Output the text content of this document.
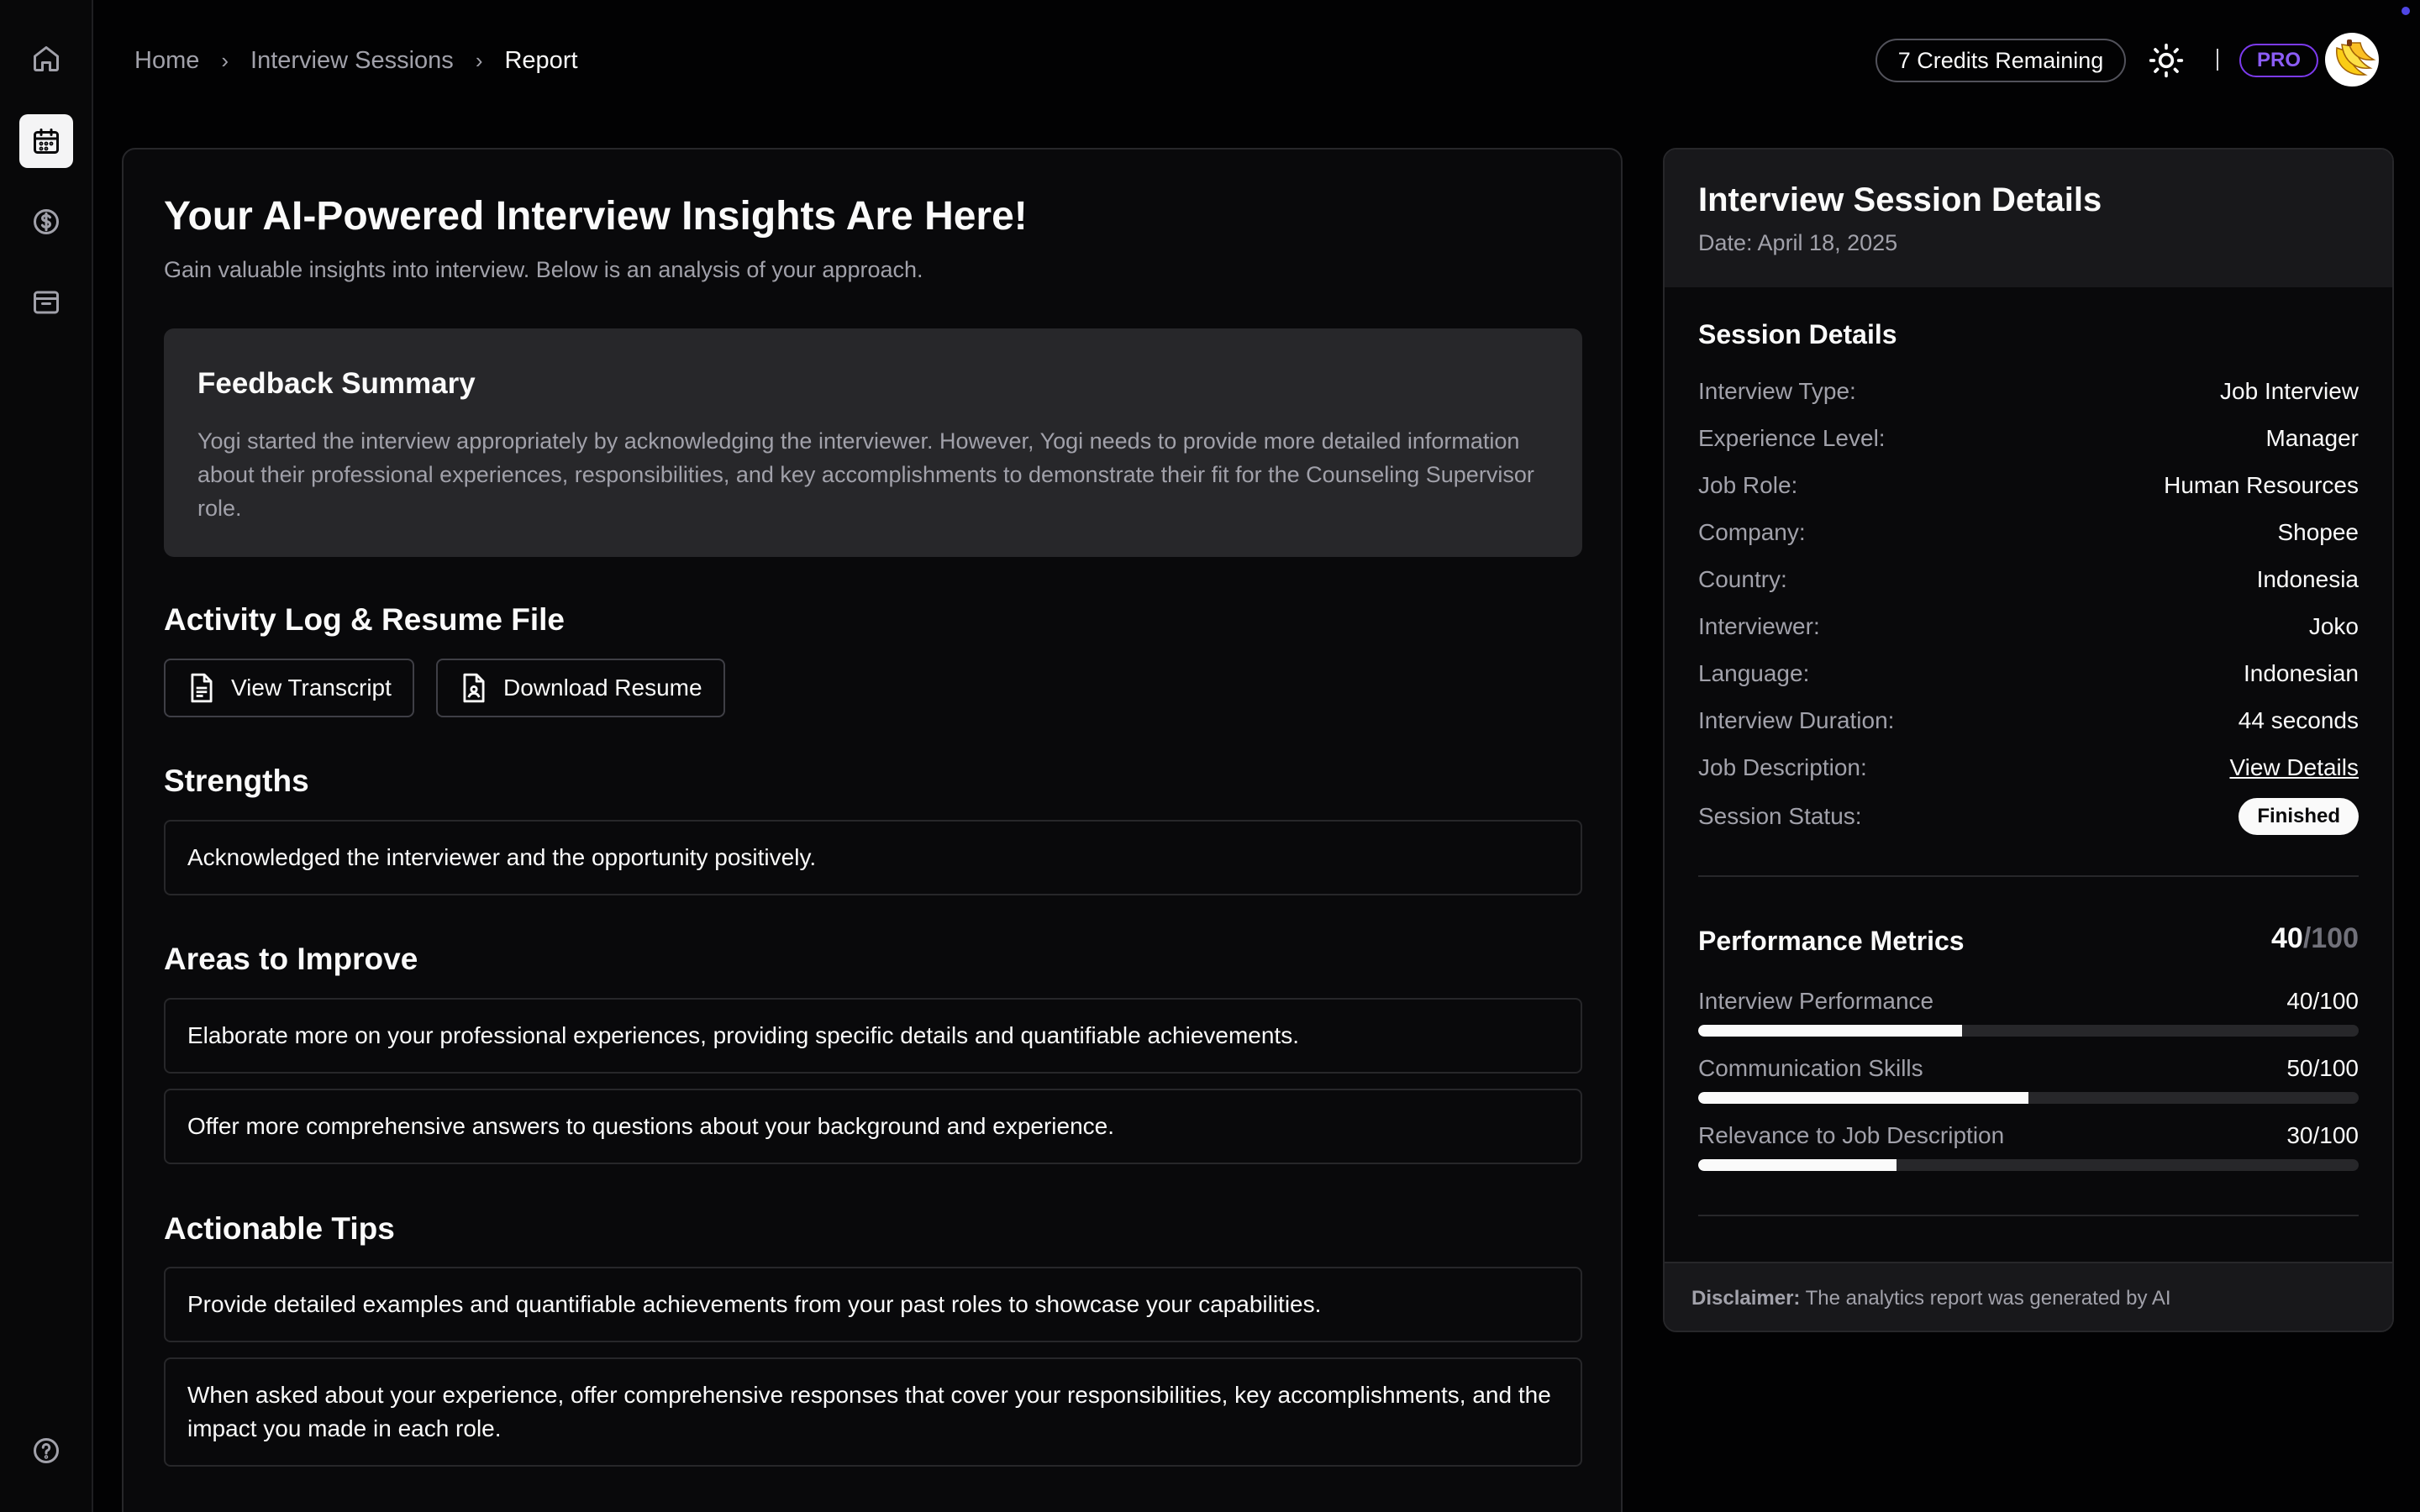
Home › Interview Sessions › Report	7 Credits Remaining	PRO
Your AI-Powered Interview Insights Are Here!

Gain valuable insights into interview. Below is an analysis of your approach.

Feedback Summary

Yogi started the interview appropriately by acknowledging the interviewer. However, Yogi needs to provide more detailed information about their professional experiences, responsibilities, and key accomplishments to demonstrate their fit for the Counseling Supervisor role.

Activity Log & Resume File
View Transcript	Download Resume
Strengths
Acknowledged the interviewer and the opportunity positively.
Areas to Improve
Elaborate more on your professional experiences, providing specific details and quantifiable achievements.
Offer more comprehensive answers to questions about your background and experience.
Actionable Tips
Provide detailed examples and quantifiable achievements from your past roles to showcase your capabilities.
When asked about your experience, offer comprehensive responses that cover your responsibilities, key accomplishments, and the impact you made in each role.
Interview Session Details
Date: April 18, 2025
Session Details
Performance Metrics	40/100

Disclaimer: The analytics report was generated by AI

Interview Type:	Job Interview
Experience Level:	Manager
Job Role:	Human Resources
Company:	Shopee
Country:	Indonesia
Interviewer:	Joko
Language:	Indonesian
Interview Duration:	44 seconds
Job Description:	View Details
Session Status:	Finished
Interview Performance	40/100
Communication Skills	50/100
Relevance to Job Description	30/100
